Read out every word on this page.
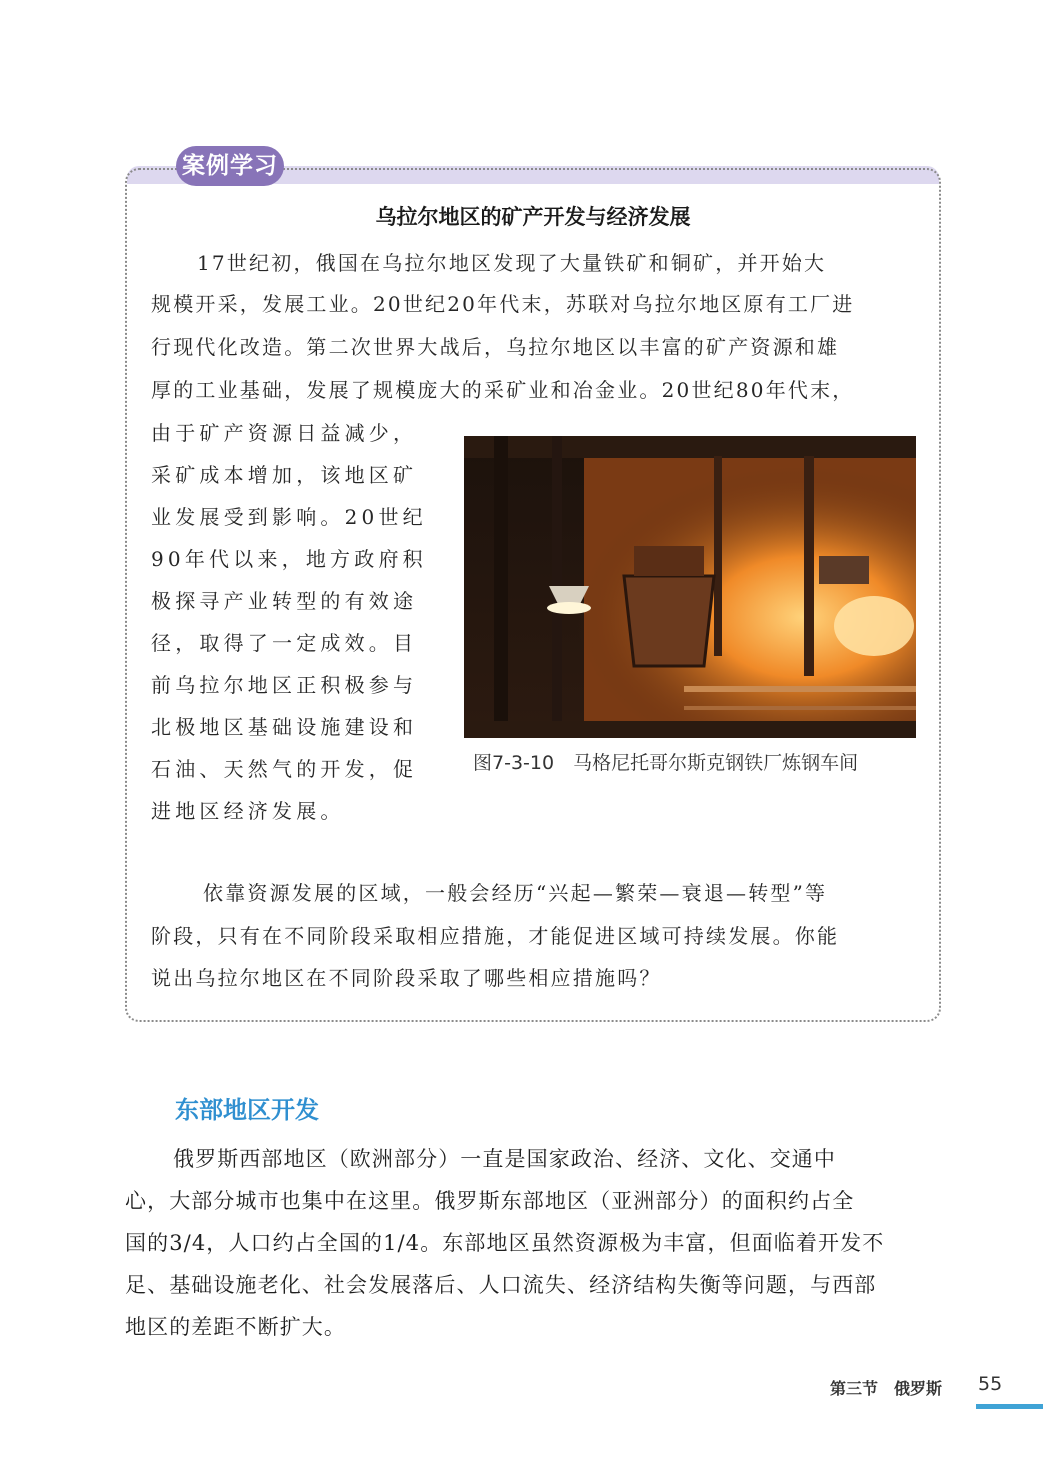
案例学习
乌拉尔地区的矿产开发与经济发展
17世纪初，俄国在乌拉尔地区发现了大量铁矿和铜矿，并开始大
规模开采，发展工业。20世纪20年代末，苏联对乌拉尔地区原有工厂进
行现代化改造。第二次世界大战后，乌拉尔地区以丰富的矿产资源和雄
厚的工业基础，发展了规模庞大的采矿业和冶金业。20世纪80年代末，
由于矿产资源日益减少，
采矿成本增加，该地区矿
业发展受到影响。20世纪
90年代以来，地方政府积
极探寻产业转型的有效途
径，取得了一定成效。目
前乌拉尔地区正积极参与
北极地区基础设施建设和
石油、天然气的开发，促
进地区经济发展。
图7-3-10　马格尼托哥尔斯克钢铁厂炼钢车间
依靠资源发展的区域，一般会经历“兴起—繁荣—衰退—转型”等
阶段，只有在不同阶段采取相应措施，才能促进区域可持续发展。你能
说出乌拉尔地区在不同阶段采取了哪些相应措施吗？
东部地区开发
俄罗斯西部地区（欧洲部分）一直是国家政治、经济、文化、交通中
心，大部分城市也集中在这里。俄罗斯东部地区（亚洲部分）的面积约占全
国的3/4，人口约占全国的1/4。东部地区虽然资源极为丰富，但面临着开发不
足、基础设施老化、社会发展落后、人口流失、经济结构失衡等问题，与西部
地区的差距不断扩大。
第三节　俄罗斯 55
